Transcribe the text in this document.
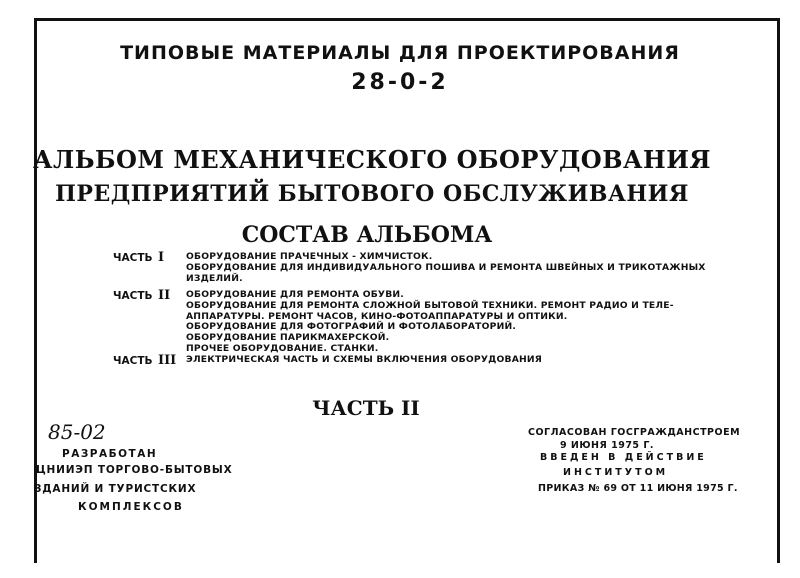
ТИПОВЫЕ МАТЕРИАЛЫ ДЛЯ ПРОЕКТИРОВАНИЯ
28-0-2
АЛЬБОМ МЕХАНИЧЕСКОГО ОБОРУДОВАНИЯ
ПРЕДПРИЯТИЙ БЫТОВОГО ОБСЛУЖИВАНИЯ
СОСТАВ АЛЬБОМА
ЧАСТЬ I ОБОРУДОВАНИЕ ПРАЧЕЧНЫХ - ХИМЧИСТОК.
ОБОРУДОВАНИЕ ДЛЯ ИНДИВИДУАЛЬНОГО ПОШИВА И РЕМОНТА ШВЕЙНЫХ И ТРИКОТАЖНЫХ
ИЗДЕЛИЙ.
ЧАСТЬ II ОБОРУДОВАНИЕ ДЛЯ РЕМОНТА ОБУВИ.
ОБОРУДОВАНИЕ ДЛЯ РЕМОНТА СЛОЖНОЙ БЫТОВОЙ ТЕХНИКИ. РЕМОНТ РАДИО И ТЕЛЕ-
АППАРАТУРЫ. РЕМОНТ ЧАСОВ, КИНО-ФОТОАППАРАТУРЫ И ОПТИКИ.
ОБОРУДОВАНИЕ ДЛЯ ФОТОГРАФИЙ И ФОТОЛАБОРАТОРИЙ.
ОБОРУДОВАНИЕ ПАРИКМАХЕРСКОЙ.
ПРОЧЕЕ ОБОРУДОВАНИЕ. СТАНКИ.
ЧАСТЬ III ЭЛЕКТРИЧЕСКАЯ ЧАСТЬ И СХЕМЫ ВКЛЮЧЕНИЯ ОБОРУДОВАНИЯ
ЧАСТЬ II
85-02
РАЗРАБОТАН
ЦНИИЭП ТОРГОВО-БЫТОВЫХ
ЗДАНИЙ И ТУРИСТСКИХ
КОМПЛЕКСОВ
СОГЛАСОВАН ГОСГРАЖДАНСТРОЕМ
9 ИЮНЯ 1975 Г.
ВВЕДЕН В ДЕЙСТВИЕ
ИНСТИТУТОМ
ПРИКАЗ № 69 ОТ 11 ИЮНЯ 1975 Г.
